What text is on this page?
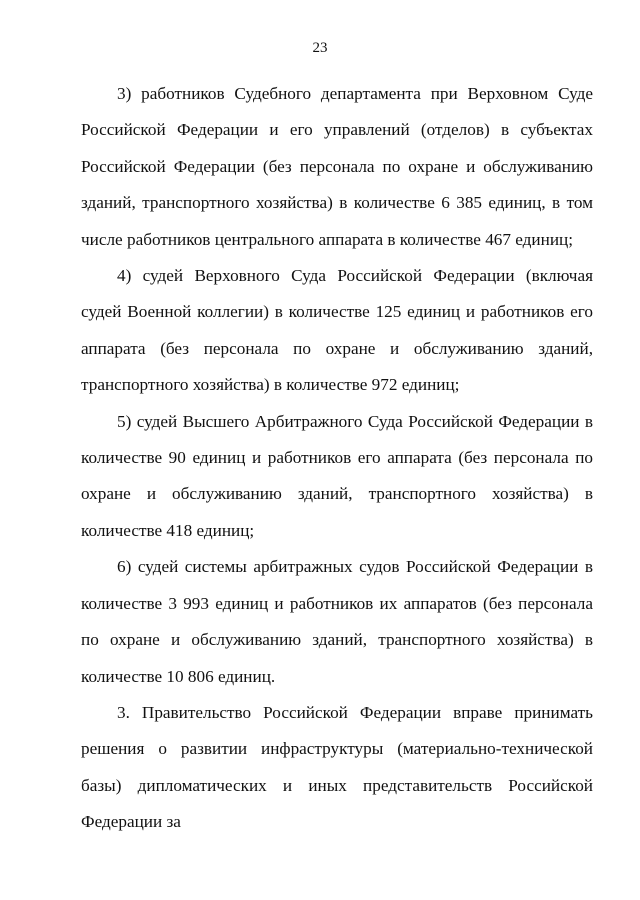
23

3) работников Судебного департамента при Верховном Суде Российской Федерации и его управлений (отделов) в субъектах Российской Федерации (без персонала по охране и обслуживанию зданий, транспортного хозяйства) в количестве 6 385 единиц, в том числе работников центрального аппарата в количестве 467 единиц;

4) судей Верховного Суда Российской Федерации (включая судей Военной коллегии) в количестве 125 единиц и работников его аппарата (без персонала по охране и обслуживанию зданий, транспортного хозяйства) в количестве 972 единиц;

5) судей Высшего Арбитражного Суда Российской Федерации в количестве 90 единиц и работников его аппарата (без персонала по охране и обслуживанию зданий, транспортного хозяйства) в количестве 418 единиц;

6) судей системы арбитражных судов Российской Федерации в количестве 3 993 единиц и работников их аппаратов (без персонала по охране и обслуживанию зданий, транспортного хозяйства) в количестве 10 806 единиц.

3. Правительство Российской Федерации вправе принимать решения о развитии инфраструктуры (материально-технической базы) дипломатических и иных представительств Российской Федерации за
